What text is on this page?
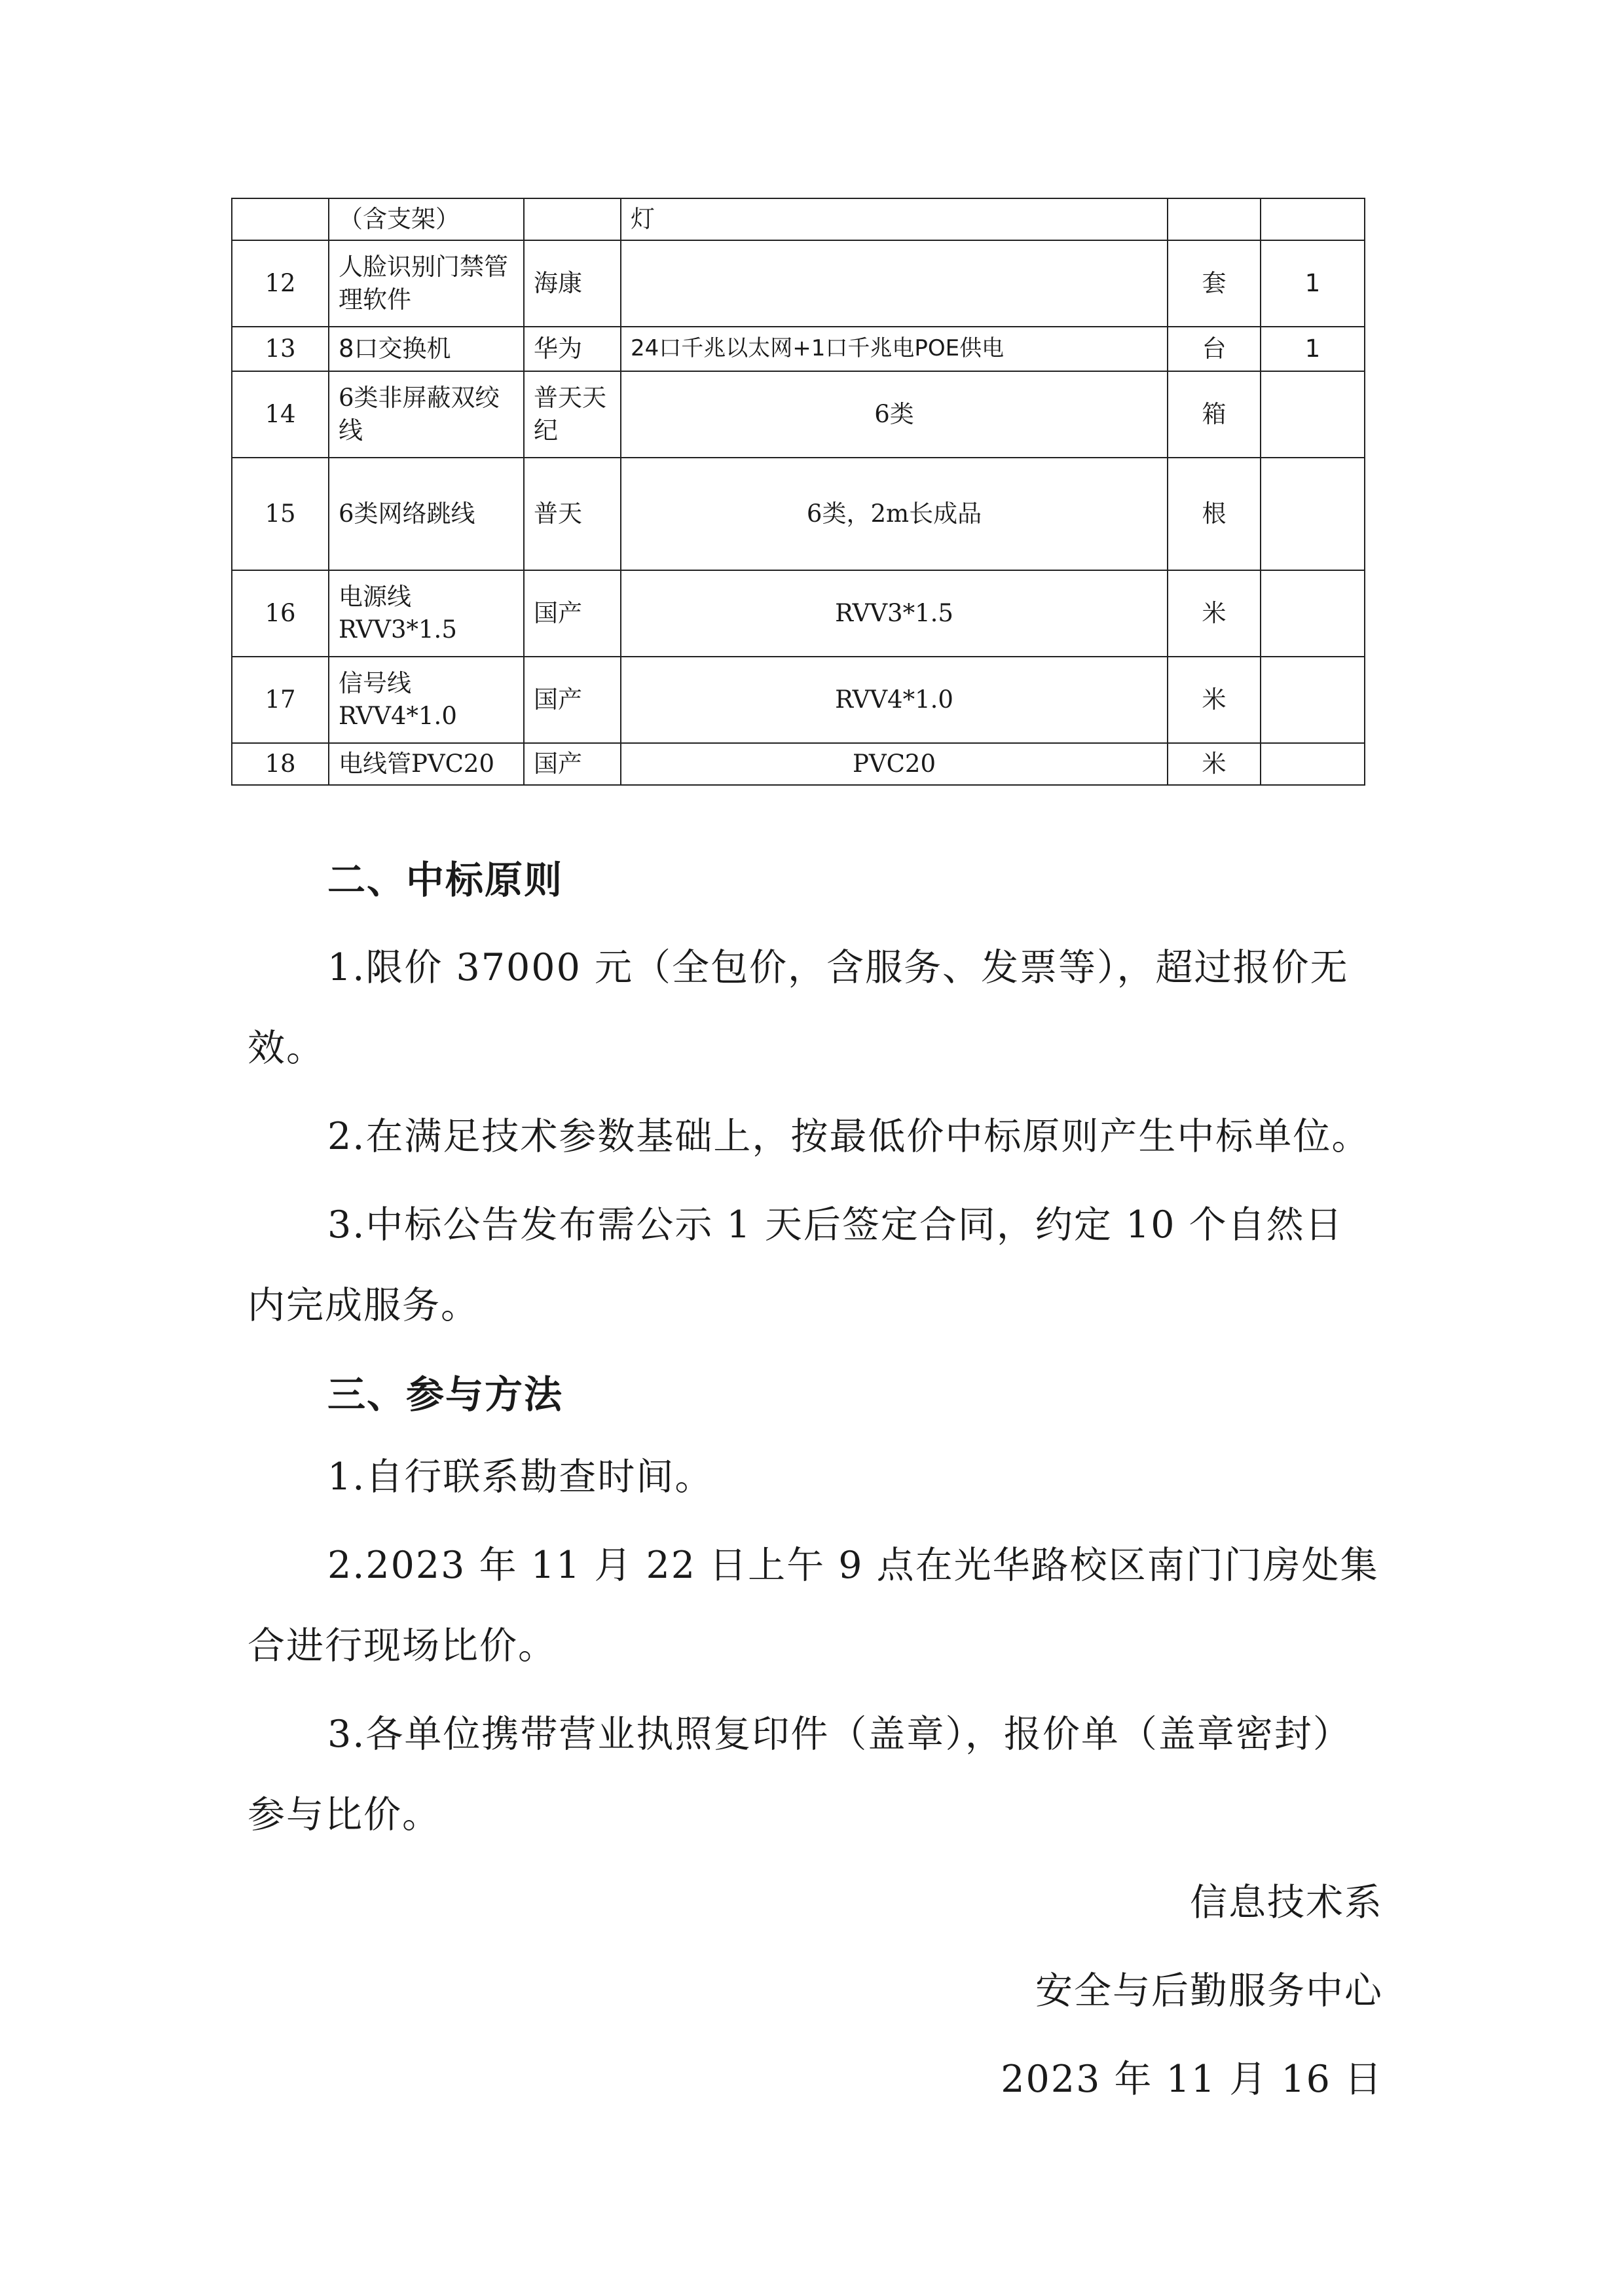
	（含支架）		灯		
12	人脸识别门禁管理软件	海康		套	1
13	8口交换机	华为	24口千兆以太网+1口千兆电POE供电	台	1
14	6类非屏蔽双绞线	普天天纪	6类	箱	
15	6类网络跳线	普天	6类，2m长成品	根	
16	电源线 RVV3*1.5	国产	RVV3*1.5	米	
17	信号线 RVV4*1.0	国产	RVV4*1.0	米	
18	电线管PVC20	国产	PVC20	米	
二、中标原则
1.限价 37000 元（全包价，含服务、发票等），超过报价无
效。
2.在满足技术参数基础上，按最低价中标原则产生中标单位。
3.中标公告发布需公示 1 天后签定合同，约定 10 个自然日
内完成服务。
三、参与方法
1.自行联系勘查时间。
2.2023 年 11 月 22 日上午 9 点在光华路校区南门门房处集
合进行现场比价。
3.各单位携带营业执照复印件（盖章），报价单（盖章密封）
参与比价。
信息技术系
安全与后勤服务中心
2023 年 11 月 16 日
